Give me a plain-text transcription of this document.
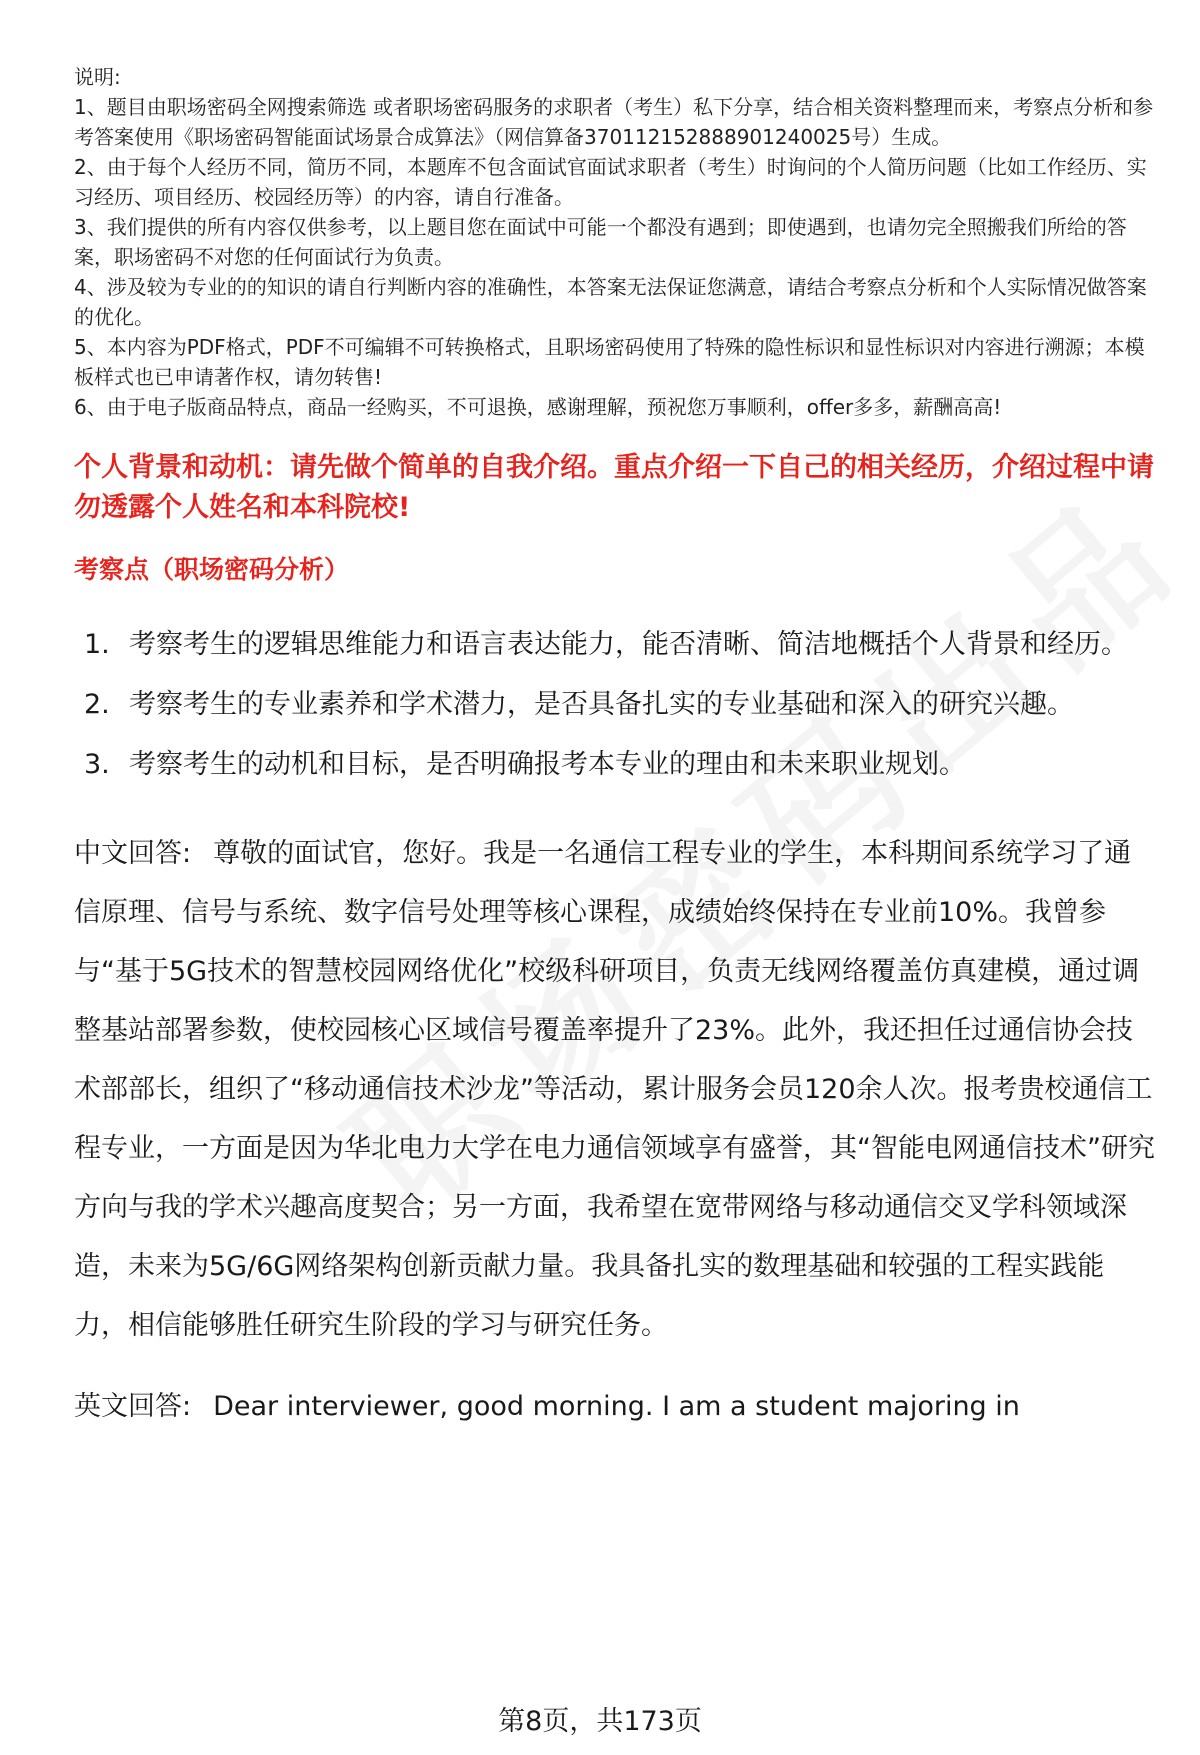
说明:

1、题目由职场密码全网搜索筛选 或者职场密码服务的求职者（考生）私下分享，结合相关资料整理而来，考察点分析和参考答案使用《职场密码智能面试场景合成算法》（网信算备370112152888901240025号）生成。

2、由于每个人经历不同，简历不同，本题库不包含面试官面试求职者（考生）时询问的个人简历问题（比如工作经历、实习经历、项目经历、校园经历等）的内容，请自行准备。

3、我们提供的所有内容仅供参考，以上题目您在面试中可能一个都没有遇到；即使遇到，也请勿完全照搬我们所给的答案，职场密码不对您的任何面试行为负责。

4、涉及较为专业的的知识的请自行判断内容的准确性，本答案无法保证您满意，请结合考察点分析和个人实际情况做答案的优化。

5、本内容为PDF格式，PDF不可编辑不可转换格式，且职场密码使用了特殊的隐性标识和显性标识对内容进行溯源；本模板样式也已申请著作权，请勿转售!

6、由于电子版商品特点，商品一经购买，不可退换，感谢理解，预祝您万事顺利，offer多多，薪酬高高!

个人背景和动机：请先做个简单的自我介绍。重点介绍一下自己的相关经历，介绍过程中请勿透露个人姓名和本科院校!
考察点（职场密码分析）
1. 考察考生的逻辑思维能力和语言表达能力，能否清晰、简洁地概括个人背景和经历。
2. 考察考生的专业素养和学术潜力，是否具备扎实的专业基础和深入的研究兴趣。
3. 考察考生的动机和目标，是否明确报考本专业的理由和未来职业规划。
中文回答: 尊敬的面试官，您好。我是一名通信工程专业的学生，本科期间系统学习了通信原理、信号与系统、数字信号处理等核心课程，成绩始终保持在专业前10%。我曾参与“基于5G技术的智慧校园网络优化”校级科研项目，负责无线网络覆盖仿真建模，通过调整基站部署参数，使校园核心区域信号覆盖率提升了23%。此外，我还担任过通信协会技术部部长，组织了“移动通信技术沙龙”等活动，累计服务会员120余人次。报考贵校通信工程专业，一方面是因为华北电力大学在电力通信领域享有盛誉，其“智能电网通信技术”研究方向与我的学术兴趣高度契合；另一方面，我希望在宽带网络与移动通信交叉学科领域深造，未来为5G/6G网络架构创新贡献力量。我具备扎实的数理基础和较强的工程实践能力，相信能够胜任研究生阶段的学习与研究任务。
英文回答: Dear interviewer, good morning. I am a student majoring in
第8页，共173页
